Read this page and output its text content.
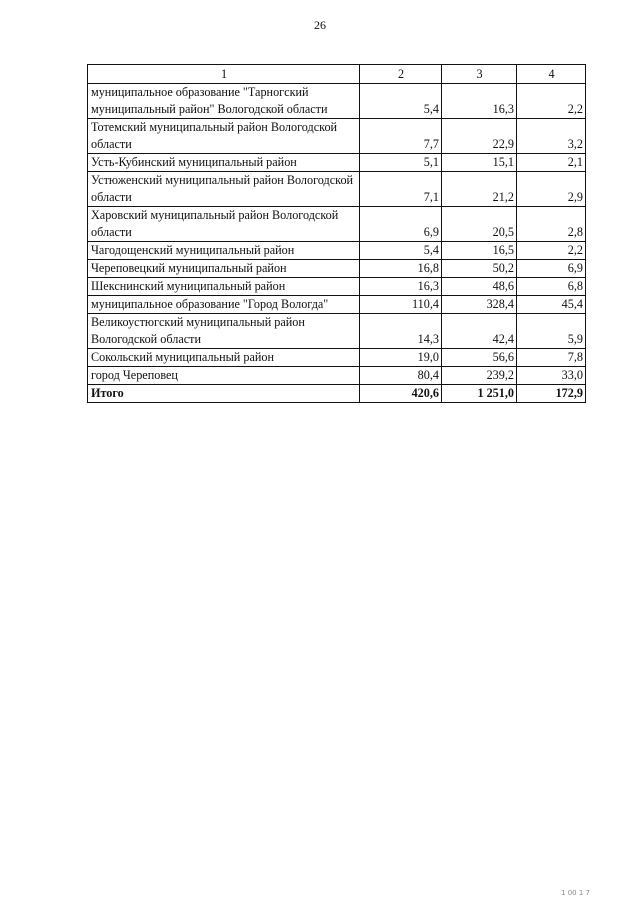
26
1	2	3	4
муниципальное образование "Тарногский муниципальный район" Вологодской области	5,4	16,3	2,2
Тотемский муниципальный район Вологодской области	7,7	22,9	3,2
Усть-Кубинский муниципальный район	5,1	15,1	2,1
Устюженский муниципальный район Вологодской области	7,1	21,2	2,9
Харовский муниципальный район Вологодской области	6,9	20,5	2,8
Чагодощенский муниципальный район	5,4	16,5	2,2
Череповецкий муниципальный район	16,8	50,2	6,9
Шекснинский муниципальный район	16,3	48,6	6,8
муниципальное образование "Город Вологда"	110,4	328,4	45,4
Великоустюгский муниципальный район Вологодской области	14,3	42,4	5,9
Сокольский муниципальный район	19,0	56,6	7,8
город Череповец	80,4	239,2	33,0
Итого	420,6	1 251,0	172,9
1 00 1 7
